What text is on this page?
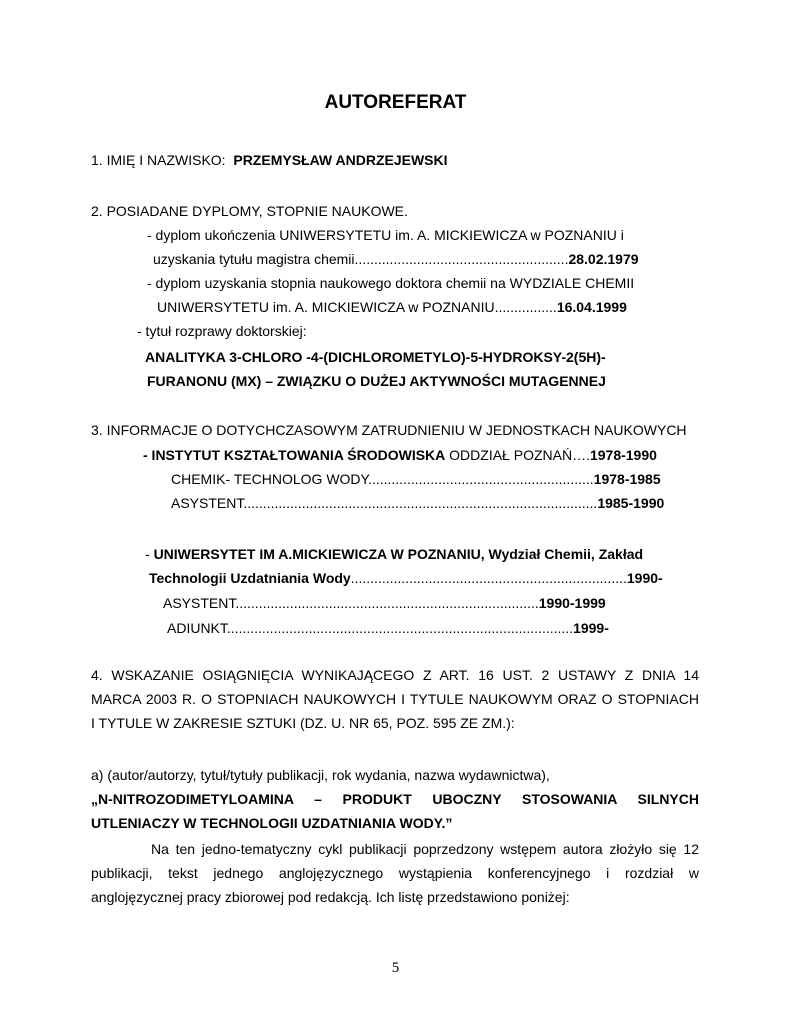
AUTOREFERAT
1. IMIĘ I NAZWISKO: PRZEMYSŁAW ANDRZEJEWSKI
2. POSIADANE DYPLOMY, STOPNIE NAUKOWE.
- dyplom ukończenia UNIWERSYTETU im. A. MICKIEWICZA w POZNANIU i
uzyskania tytułu magistra chemii.......................................................28.02.1979
- dyplom uzyskania stopnia naukowego doktora chemii na WYDZIALE CHEMII
UNIWERSYTETU im. A. MICKIEWICZA w POZNANIU................16.04.1999
- tytuł rozprawy doktorskiej:
ANALITYKA 3-CHLORO -4-(DICHLOROMETYLO)-5-HYDROKSY-2(5H)-
FURANONU (MX) – ZWIĄZKU O DUŻEJ AKTYWNOŚCI MUTAGENNEJ
3. INFORMACJE O DOTYCHCZASOWYM ZATRUDNIENIU W JEDNOSTKACH NAUKOWYCH
- INSTYTUT KSZTAŁTOWANIA ŚRODOWISKA ODDZIAŁ POZNAŃ….1978-1990
CHEMIK- TECHNOLOG WODY..........................................................1978-1985
ASYSTENT...........................................................................................1985-1990
- UNIWERSYTET IM A.MICKIEWICZA W POZNANIU, Wydział Chemii, Zakład
Technologii Uzdatniania Wody.......................................................................1990-
ASYSTENT..............................................................................1990-1999
ADIUNKT.........................................................................................1999-
4. WSKAZANIE OSIĄGNIĘCIA WYNIKAJĄCEGO Z ART. 16 UST. 2 USTAWY Z DNIA 14
MARCA 2003 R. O STOPNIACH NAUKOWYCH I TYTULE NAUKOWYM ORAZ O STOPNIACH
I TYTULE W ZAKRESIE SZTUKI (DZ. U. NR 65, POZ. 595 ZE ZM.):
a) (autor/autorzy, tytuł/tytuły publikacji, rok wydania, nazwa wydawnictwa),
„N-NITROZODIMETYLOAMINA – PRODUKT UBOCZNY STOSOWANIA SILNYCH
UTLENIACZY W TECHNOLOGII UZDATNIANIA WODY.”
Na ten jedno-tematyczny cykl publikacji poprzedzony wstępem autora złożyło się 12
publikacji, tekst jednego anglojęzycznego wystąpienia konferencyjnego i rozdział w
anglojęzycznej pracy zbiorowej pod redakcją. Ich listę przedstawiono poniżej:
5
